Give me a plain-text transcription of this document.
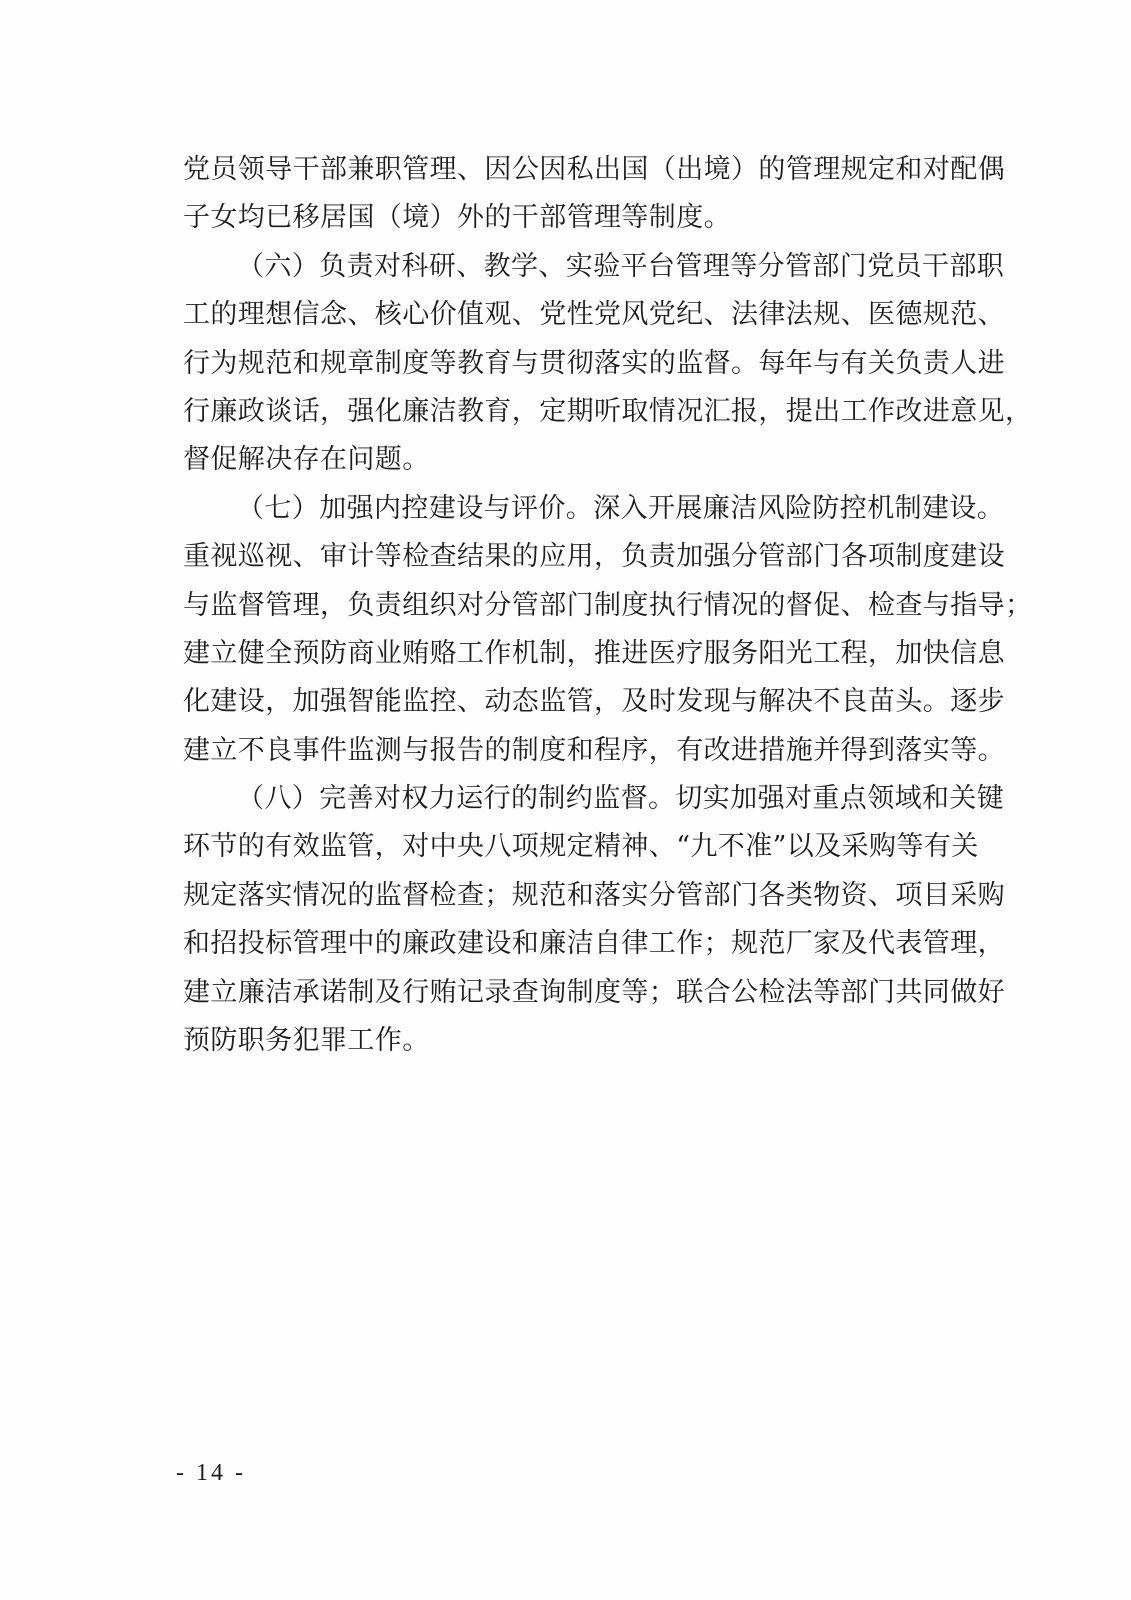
党员领导干部兼职管理、因公因私出国（出境）的管理规定和对配偶
子女均已移居国（境）外的干部管理等制度。
（六）负责对科研、教学、实验平台管理等分管部门党员干部职
工的理想信念、核心价值观、党性党风党纪、法律法规、医德规范、
行为规范和规章制度等教育与贯彻落实的监督。每年与有关负责人进
行廉政谈话，强化廉洁教育，定期听取情况汇报，提出工作改进意见，
督促解决存在问题。
（七）加强内控建设与评价。深入开展廉洁风险防控机制建设。
重视巡视、审计等检查结果的应用，负责加强分管部门各项制度建设
与监督管理，负责组织对分管部门制度执行情况的督促、检查与指导；
建立健全预防商业贿赂工作机制，推进医疗服务阳光工程，加快信息
化建设，加强智能监控、动态监管，及时发现与解决不良苗头。逐步
建立不良事件监测与报告的制度和程序，有改进措施并得到落实等。
（八）完善对权力运行的制约监督。切实加强对重点领域和关键
环节的有效监管，对中央八项规定精神、“九不准”以及采购等有关
规定落实情况的监督检查；规范和落实分管部门各类物资、项目采购
和招投标管理中的廉政建设和廉洁自律工作；规范厂家及代表管理，
建立廉洁承诺制及行贿记录查询制度等；联合公检法等部门共同做好
预防职务犯罪工作。
- 14 -
